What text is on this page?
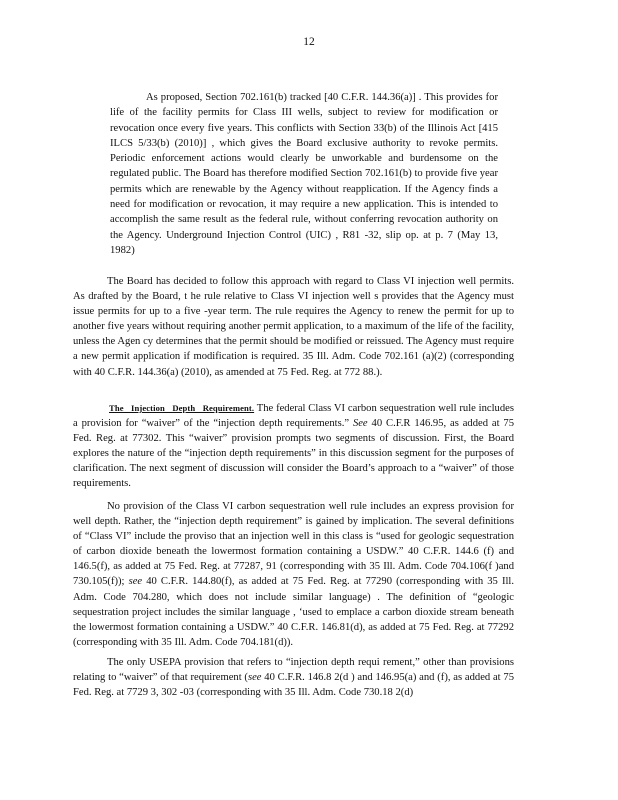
12

As proposed, Section 702.161(b) tracked [40 C.F.R. 144.36(a)] . This provides for life of the facility permits for Class III wells, subject to review for modification or revocation once every five years. This conflicts with Section 33(b) of the Illinois Act [415 ILCS 5/33(b) (2010)] , which gives the Board exclusive authority to revoke permits. Periodic enforcement actions would clearly be unworkable and burdensome on the regulated public. The Board has therefore modified Section 702.161(b) to provide five year permits which are renewable by the Agency without reapplication. If the Agency finds a need for modification or revocation, it may require a new application. This is intended to accomplish the same result as the federal rule, without conferring revocation authority on the Agency. Underground Injection Control (UIC) , R81 -32, slip op. at p. 7 (May 13, 1982)

The Board has decided to follow this approach with regard to Class VI injection well permits. As drafted by the Board, t he rule relative to Class VI injection well s provides that the Agency must issue permits for up to a five -year term. The rule requires the Agency to renew the permit for up to another five years without requiring another permit application, to a maximum of the life of the facility, unless the Agen cy determines that the permit should be modified or reissued. The Agency must require a new permit application if modification is required. 35 Ill. Adm. Code 702.161 (a)(2) (corresponding with 40 C.F.R. 144.36(a) (2010), as amended at 75 Fed. Reg. at 772 88.).

The Injection Depth Requirement. The federal Class VI carbon sequestration well rule includes a provision for “waiver” of the “injection depth requirements.” See 40 C.F.R 146.95, as added at 75 Fed. Reg. at 77302. This “waiver” provision prompts two segments of discussion. First, the Board explores the nature of the “injection depth requirements” in this discussion segment for the purposes of clarification. The next segment of discussion will consider the Board’s approach to a “waiver” of those requirements.

No provision of the Class VI carbon sequestration well rule includes an express provision for well depth. Rather, the “injection depth requirement” is gained by implication. The several definitions of “Class VI” include the proviso that an injection well in this class is “used for geologic sequestration of carbon dioxide beneath the lowermost formation containing a USDW.” 40 C.F.R. 144.6 (f) and 146.5(f), as added at 75 Fed. Reg. at 77287, 91 (corresponding with 35 Ill. Adm. Code 704.106(f )and 730.105(f)); see 40 C.F.R. 144.80(f), as added at 75 Fed. Reg. at 77290 (corresponding with 35 Ill. Adm. Code 704.280, which does not include similar language) . The definition of “geologic sequestration project includes the similar language , ‘used to emplace a carbon dioxide stream beneath the lowermost formation containing a USDW.” 40 C.F.R. 146.81(d), as added at 75 Fed. Reg. at 77292 (corresponding with 35 Ill. Adm. Code 704.181(d)).

The only USEPA provision that refers to “injection depth requi rement,” other than provisions relating to “waiver” of that requirement (see 40 C.F.R. 146.8 2(d ) and 146.95(a) and (f), as added at 75 Fed. Reg. at 7729 3, 302 -03 (corresponding with 35 Ill. Adm. Code 730.18 2(d)
